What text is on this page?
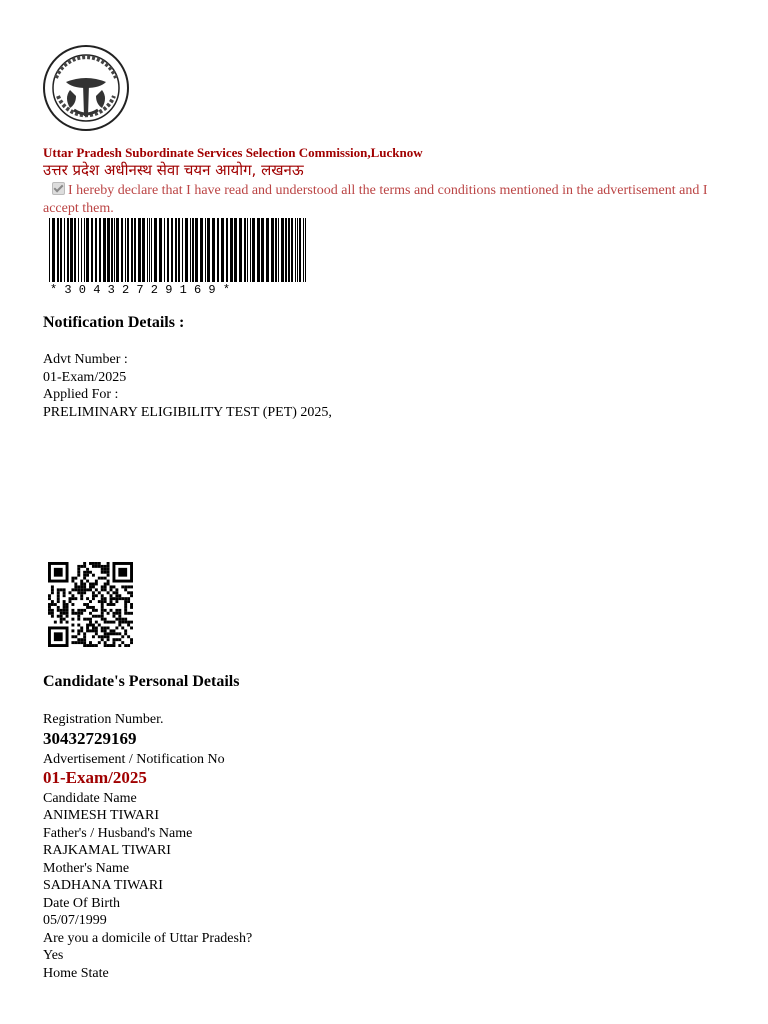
Uttar Pradesh Subordinate Services Selection Commission,Lucknow
उत्तर प्रदेश अधीनस्थ सेवा चयन आयोग, लखनऊ
I hereby declare that I have read and understood all the terms and conditions mentioned in the advertisement and I accept them.
*30432729169*
Notification Details :
Advt Number :
01-Exam/2025
Applied For :
PRELIMINARY ELIGIBILITY TEST (PET) 2025,
Candidate's Personal Details
Registration Number.
30432729169
Advertisement / Notification No
01-Exam/2025
Candidate Name
ANIMESH TIWARI
Father's / Husband's Name
RAJKAMAL TIWARI
Mother's Name
SADHANA TIWARI
Date Of Birth
05/07/1999
Are you a domicile of Uttar Pradesh?
Yes
Home State
